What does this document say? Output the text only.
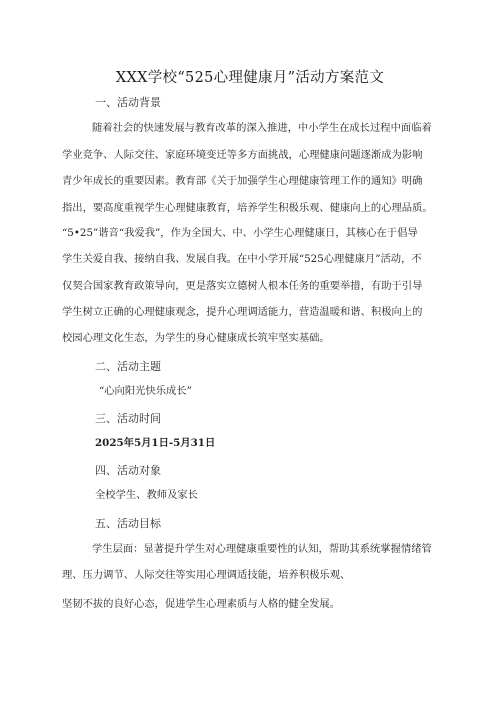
XXX学校“525心理健康月”活动方案范文
一、活动背景
随着社会的快速发展与教育改革的深入推进，中小学生在成长过程中面临着
学业竞争、人际交往、家庭环境变迁等多方面挑战，心理健康问题逐渐成为影响
青少年成长的重要因素。教育部《关于加强学生心理健康管理工作的通知》明确
指出，要高度重视学生心理健康教育，培养学生积极乐观、健康向上的心理品质。
“5•25”谐音“我爱我”，作为全国大、中、小学生心理健康日，其核心在于倡导
学生关爱自我、接纳自我、发展自我。在中小学开展“525心理健康月”活动，不
仅契合国家教育政策导向，更是落实立德树人根本任务的重要举措，有助于引导
学生树立正确的心理健康观念，提升心理调适能力，营造温暖和谐、积极向上的
校园心理文化生态，为学生的身心健康成长筑牢坚实基础。
二、活动主题
“心向阳光快乐成长”
三、活动时间
2025年5月1日-5月31日
四、活动对象
全校学生、教师及家长
五、活动目标
学生层面：显著提升学生对心理健康重要性的认知，帮助其系统掌握情绪管
理、压力调节、人际交往等实用心理调适技能，培养积极乐观、
坚韧不拔的良好心态，促进学生心理素质与人格的健全发展。
